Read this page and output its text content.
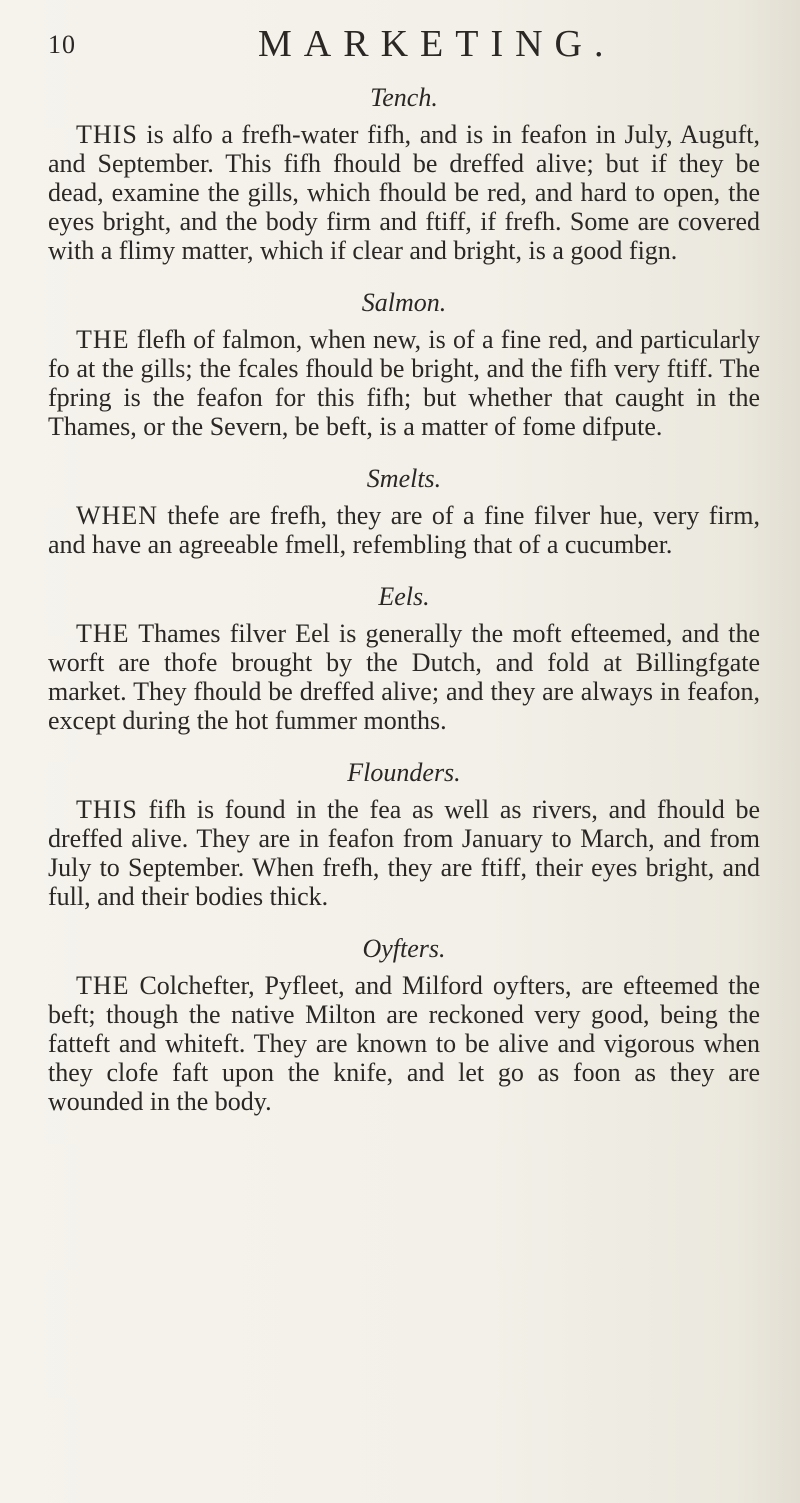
10	MARKETING.
Tench.

THIS is alfo a frefh-water fifh, and is in feafon in July, Auguft, and September. This fifh fhould be dreffed alive; but if they be dead, examine the gills, which fhould be red, and hard to open, the eyes bright, and the body firm and ftiff, if frefh. Some are covered with a flimy matter, which if clear and bright, is a good fign.

Salmon.

THE flefh of falmon, when new, is of a fine red, and particularly fo at the gills; the fcales fhould be bright, and the fifh very ftiff. The fpring is the feafon for this fifh; but whether that caught in the Thames, or the Severn, be beft, is a matter of fome difpute.

Smelts.

WHEN thefe are frefh, they are of a fine filver hue, very firm, and have an agreeable fmell, refembling that of a cucumber.

Eels.

THE Thames filver Eel is generally the moft efteemed, and the worft are thofe brought by the Dutch, and fold at Billingfgate market. They fhould be dreffed alive; and they are always in feafon, except during the hot fummer months.

Flounders.

THIS fifh is found in the fea as well as rivers, and fhould be dreffed alive. They are in feafon from January to March, and from July to September. When frefh, they are ftiff, their eyes bright, and full, and their bodies thick.

Oyfters.

THE Colchefter, Pyfleet, and Milford oyfters, are efteemed the beft; though the native Milton are reckoned very good, being the fatteft and whiteft. They are known to be alive and vigorous when they clofe faft upon the knife, and let go as foon as they are wounded in the body.
